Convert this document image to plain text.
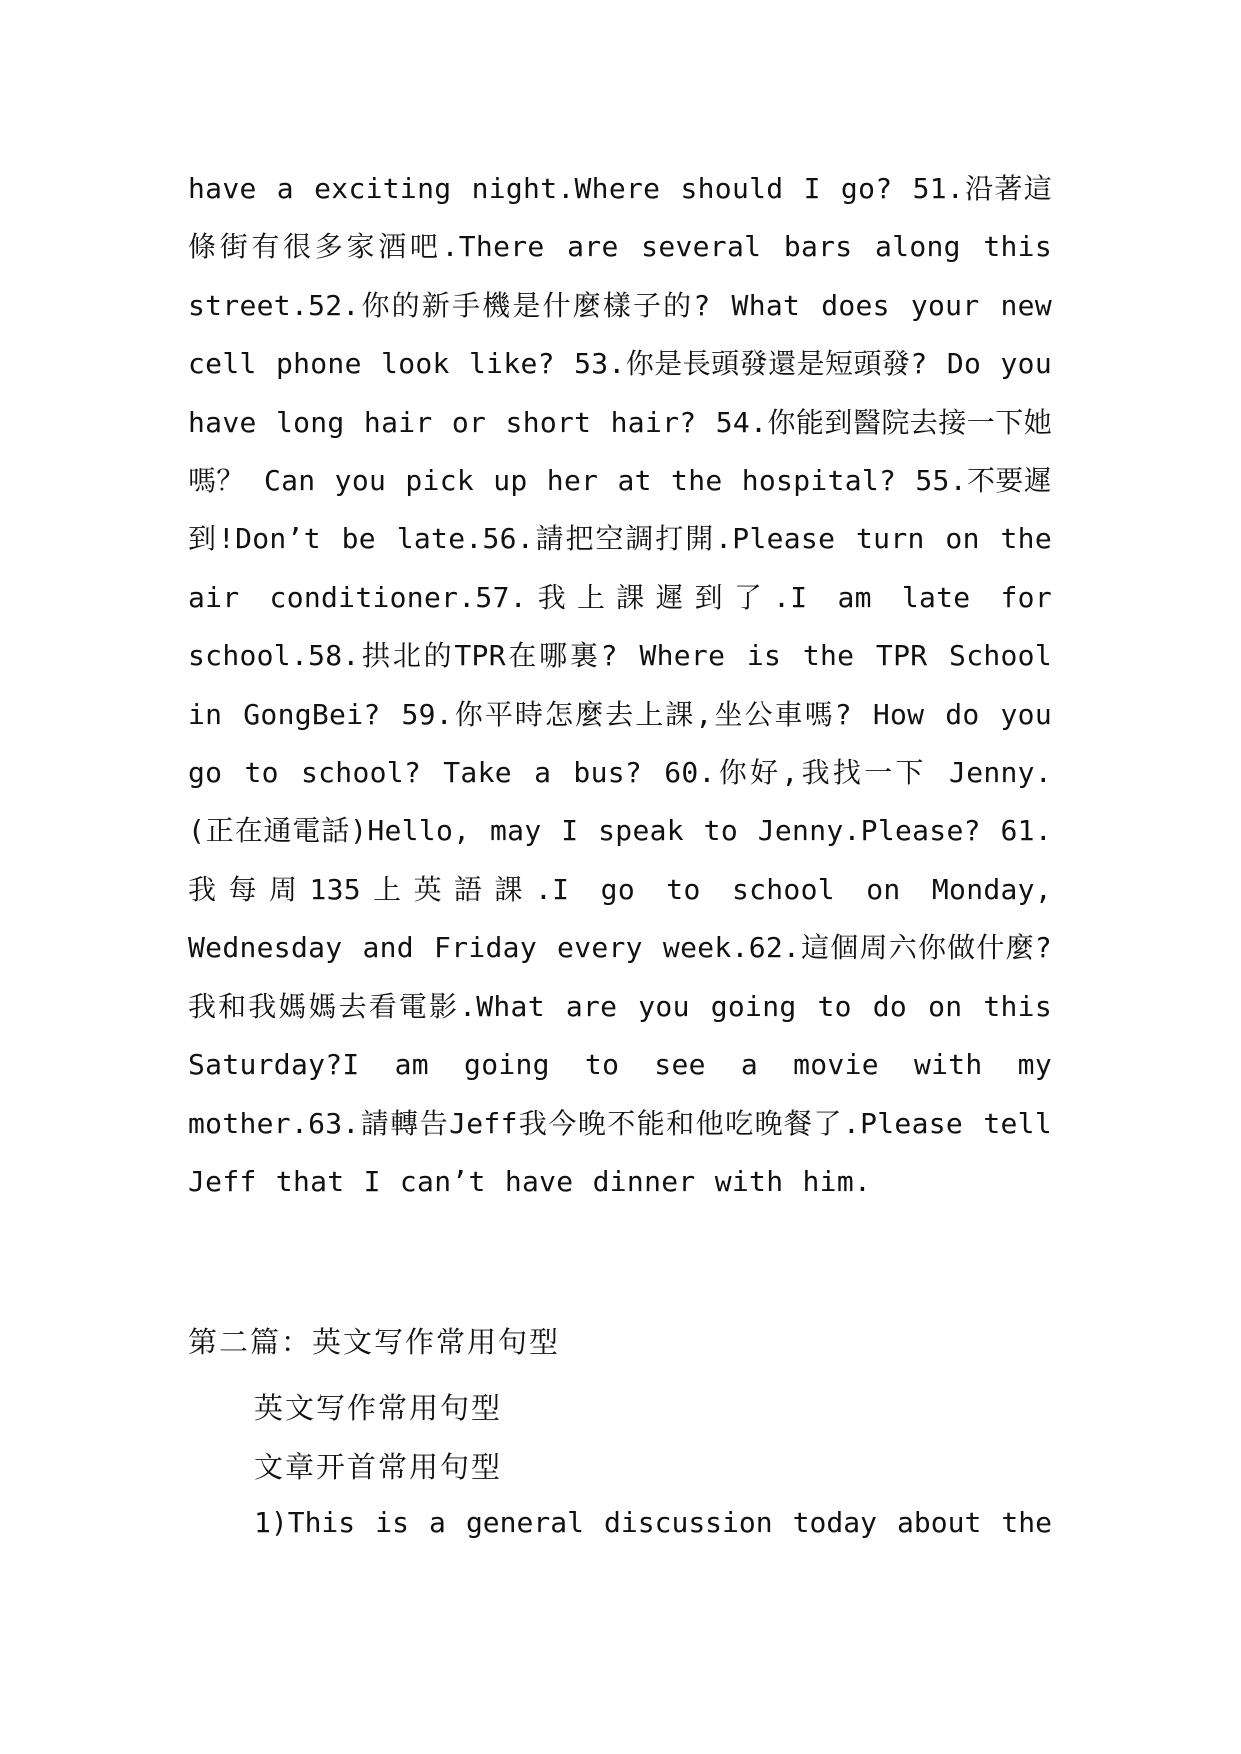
have a exciting night.Where should I go? 51.沿著這條街有很多家酒吧.There are several bars along this street.52.你的新手機是什麼樣子的? What does your new cell phone look like? 53.你是長頭發還是短頭發? Do you have long hair or short hair? 54.你能到醫院去接一下她嗎？ Can you pick up her at the hospital? 55.不要遲到!Don’t be late.56.請把空調打開.Please turn on the air conditioner.57.我上課遲到了.I am late for school.58.拱北的TPR在哪裏? Where is the TPR School in GongBei? 59.你平時怎麼去上課,坐公車嗎? How do you go to school? Take a bus? 60.你好,我找一下 Jenny.(正在通電話)Hello, may I speak to Jenny.Please? 61.我每周135上英語課.I go to school on Monday, Wednesday and Friday every week.62.這個周六你做什麼?我和我媽媽去看電影.What are you going to do on this Saturday?I am going to see a movie with my mother.63.請轉告Jeff我今晚不能和他吃晚餐了.Please tell Jeff that I can’t have dinner with him.

第二篇：英文写作常用句型

英文写作常用句型

文章开首常用句型

1)This is a general discussion today about the
